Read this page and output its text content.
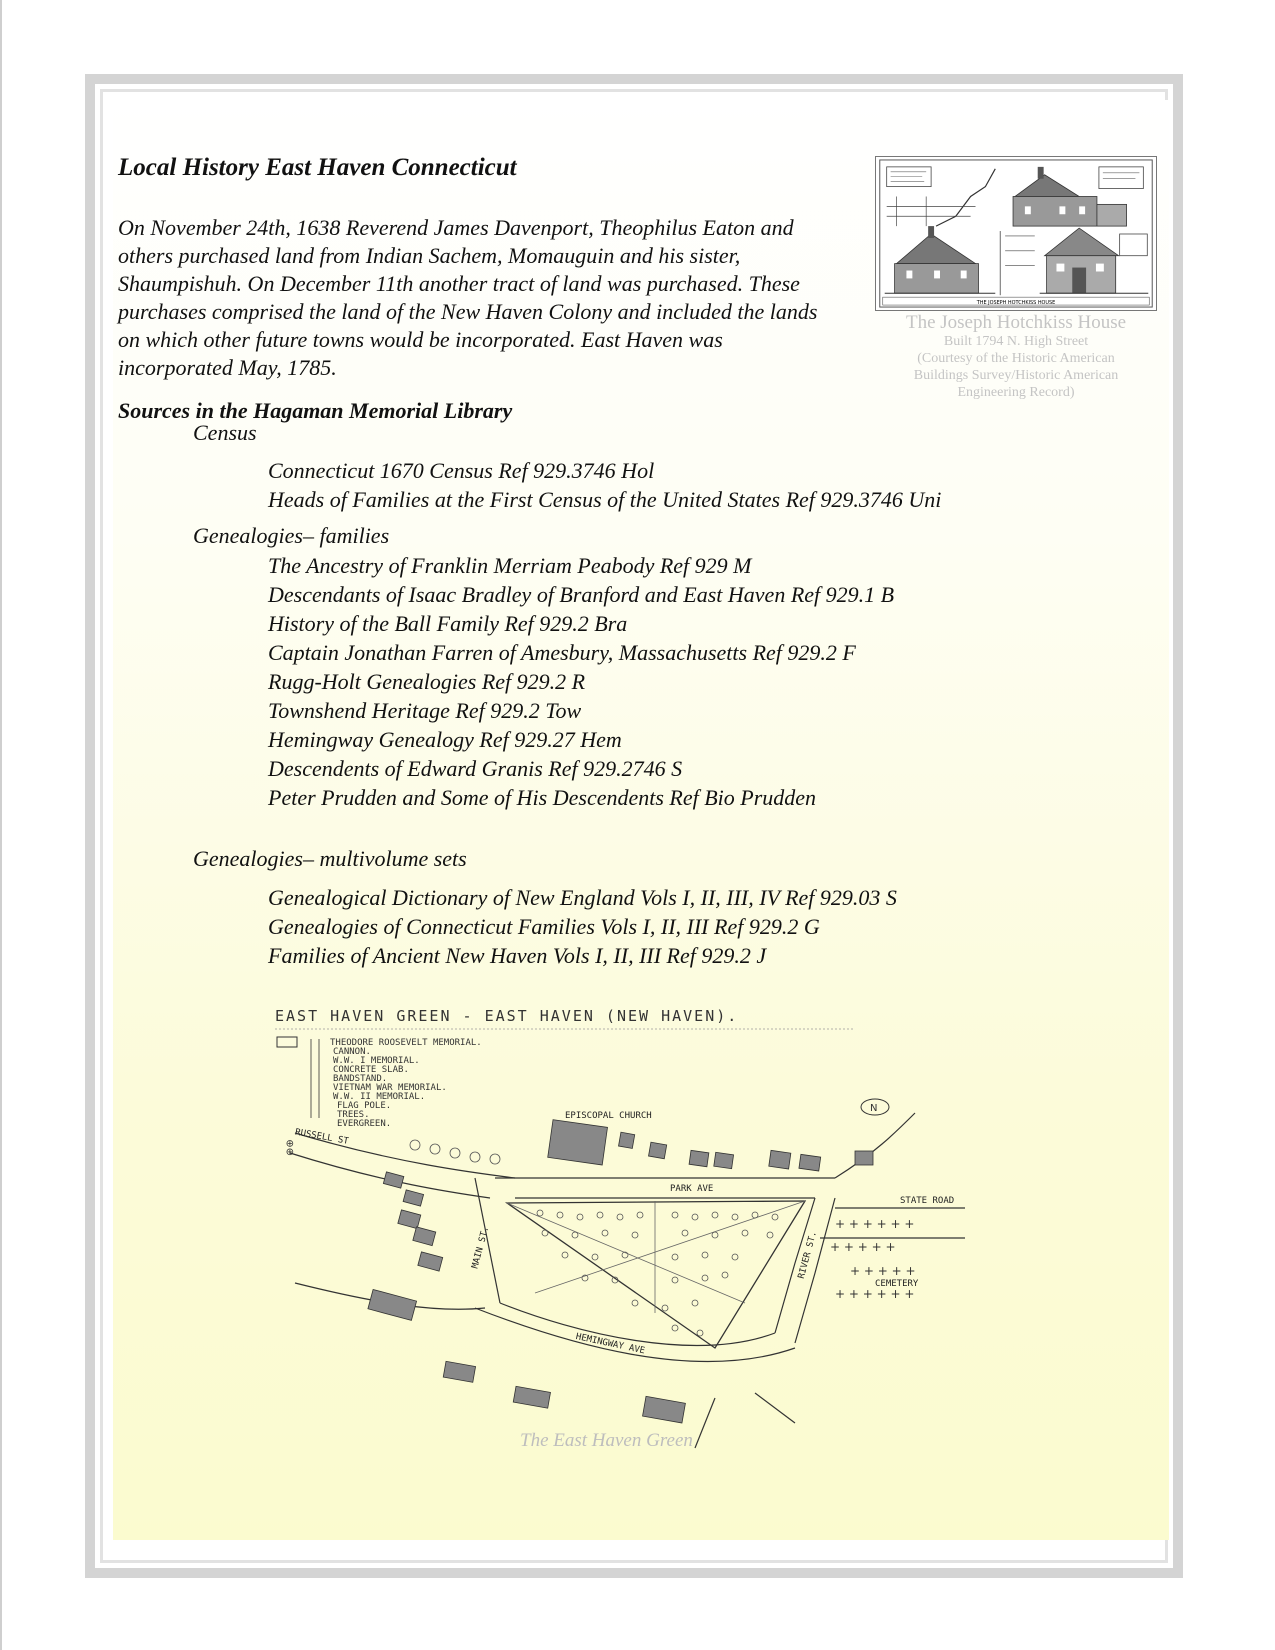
Local History East Haven Connecticut

On November 24th, 1638 Reverend James Davenport, Theophilus Eaton and others purchased land from Indian Sachem, Momauguin and his sister, Shaumpishuh. On December 11th another tract of land was purchased. These purchases comprised the land of the New Haven Colony and included the lands on which other future towns would be incorporated. East Haven was incorporated May, 1785.

Sources in the Hagaman Memorial Library

Census

Connecticut 1670 Census Ref 929.3746 Hol
Heads of Families at the First Census of the United States Ref 929.3746 Uni

Genealogies– families

The Ancestry of Franklin Merriam Peabody Ref 929 M
Descendants of Isaac Bradley of Branford and East Haven Ref 929.1 B
History of the Ball Family Ref 929.2 Bra
Captain Jonathan Farren of Amesbury, Massachusetts Ref 929.2 F
Rugg-Holt Genealogies Ref 929.2 R
Townshend Heritage Ref 929.2 Tow
Hemingway Genealogy Ref 929.27 Hem
Descendents of Edward Granis Ref 929.2746 S
Peter Prudden and Some of His Descendents Ref Bio Prudden

Genealogies– multivolume sets

Genealogical Dictionary of New England Vols I, II, III, IV Ref 929.03 S
Genealogies of Connecticut Families Vols I, II, III Ref 929.2 G
Families of Ancient New Haven Vols I, II, III Ref 929.2 J
THE JOSEPH HOTCHKISS HOUSE
The Joseph Hotchkiss House
Built 1794 N. High Street
(Courtesy of the Historic American
Buildings Survey/Historic American
Engineering Record)
EAST HAVEN GREEN - EAST HAVEN (NEW HAVEN).
⊕⊕
THEODORE ROOSEVELT MEMORIAL.
CANNON.
W.W. I MEMORIAL.
CONCRETE SLAB.
BANDSTAND.
VIETNAM WAR MEMORIAL.
W.W. II MEMORIAL.
FLAG POLE.
TREES.
EVERGREEN.
N
+ + + + + +
+ + + + +
+ + + + +
+ + + + + +
EPISCOPAL CHURCH
PARK AVE
MAIN ST.	RIVER ST.
HEMINGWAY AVE
RUSSELL ST
CEMETERY
STATE ROAD

The East Haven Green
